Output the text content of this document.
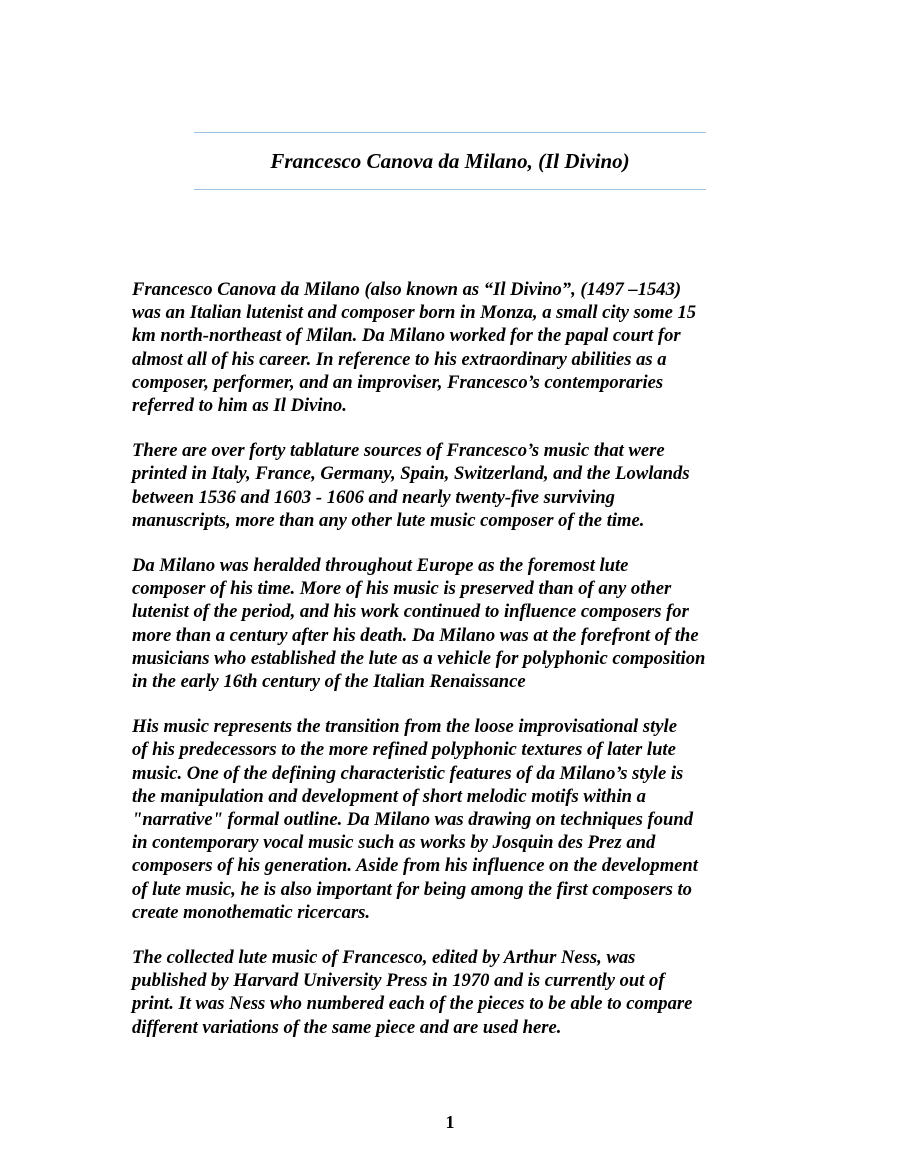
Francesco Canova da Milano, (Il Divino)

Francesco Canova da Milano (also known as “Il Divino”, (1497 –1543)
was an Italian lutenist and composer born in Monza, a small city some 15
km north-northeast of Milan. Da Milano worked for the papal court for
almost all of his career. In reference to his extraordinary abilities as a
composer, performer, and an improviser, Francesco’s contemporaries
referred to him as Il Divino.

There are over forty tablature sources of Francesco’s music that were
printed in Italy, France, Germany, Spain, Switzerland, and the Lowlands
between 1536 and 1603 - 1606 and nearly twenty-five surviving
manuscripts, more than any other lute music composer of the time.

Da Milano was heralded throughout Europe as the foremost lute
composer of his time. More of his music is preserved than of any other
lutenist of the period, and his work continued to influence composers for
more than a century after his death. Da Milano was at the forefront of the
musicians who established the lute as a vehicle for polyphonic composition
in the early 16th century of the Italian Renaissance

His music represents the transition from the loose improvisational style
of his predecessors to the more refined polyphonic textures of later lute
music. One of the defining characteristic features of da Milano’s style is
the manipulation and development of short melodic motifs within a
"narrative" formal outline. Da Milano was drawing on techniques found
in contemporary vocal music such as works by Josquin des Prez and
composers of his generation. Aside from his influence on the development
of lute music, he is also important for being among the first composers to
create monothematic ricercars.

The collected lute music of Francesco, edited by Arthur Ness, was
published by Harvard University Press in 1970 and is currently out of
print. It was Ness who numbered each of the pieces to be able to compare
different variations of the same piece and are used here.

1
